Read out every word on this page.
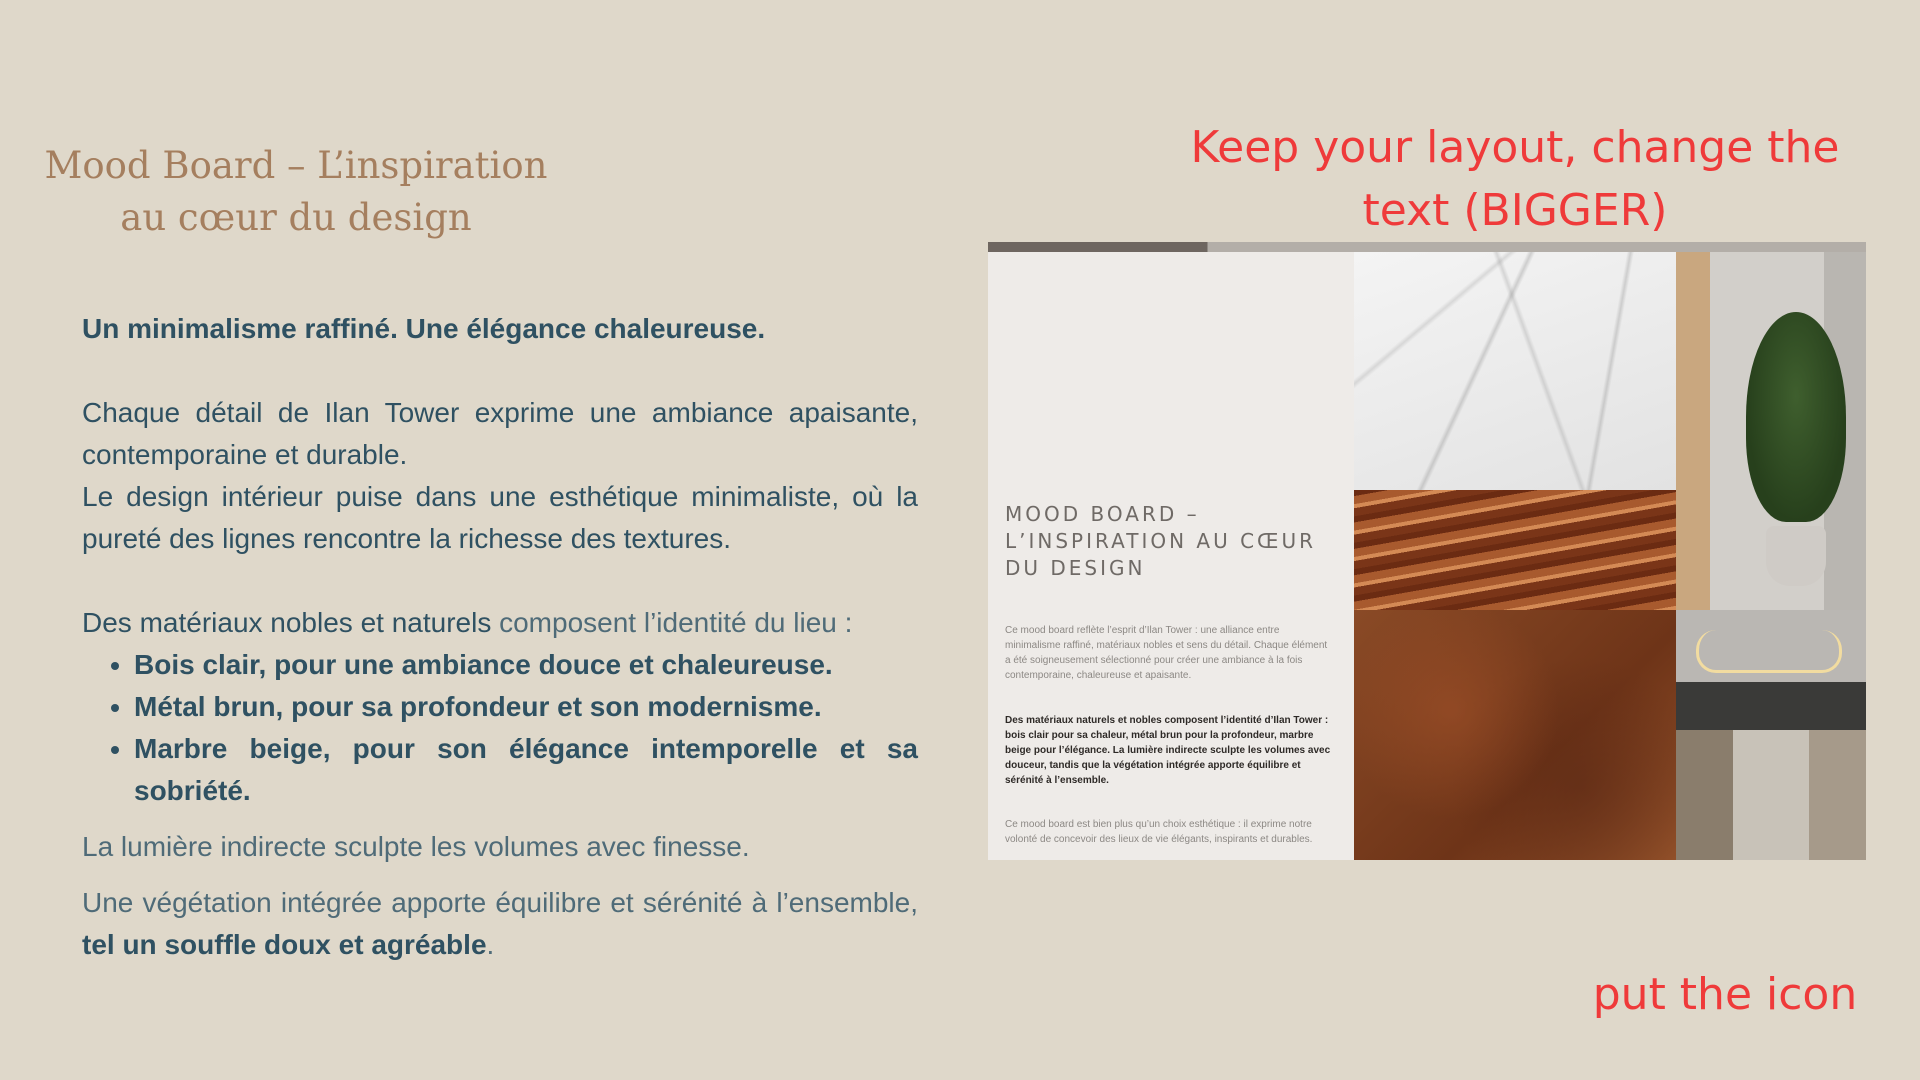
Mood Board – L’inspiration au cœur du design

Un minimalisme raffiné. Une élégance chaleureuse.

Chaque détail de Ilan Tower exprime une ambiance apaisante, contemporaine et durable.

Le design intérieur puise dans une esthétique minimaliste, où la pureté des lignes rencontre la richesse des textures.

Des matériaux nobles et naturels composent l’identité du lieu :

• Bois clair, pour une ambiance douce et chaleureuse.
• Métal brun, pour sa profondeur et son modernisme.
• Marbre beige, pour son élégance intemporelle et sa sobriété.

La lumière indirecte sculpte les volumes avec finesse.

Une végétation intégrée apporte équilibre et sérénité à l’ensemble, tel un souffle doux et agréable.

Keep your layout, change the text (BIGGER)
MOOD BOARD – L’INSPIRATION AU CŒUR DU DESIGN
Ce mood board reflète l’esprit d’Ilan Tower : une alliance entre minimalisme raffiné, matériaux nobles et sens du détail. Chaque élément a été soigneusement sélectionné pour créer une ambiance à la fois contemporaine, chaleureuse et apaisante.
Des matériaux naturels et nobles composent l’identité d’Ilan Tower : bois clair pour sa chaleur, métal brun pour la profondeur, marbre beige pour l’élégance. La lumière indirecte sculpte les volumes avec douceur, tandis que la végétation intégrée apporte équilibre et sérénité à l’ensemble.
Ce mood board est bien plus qu’un choix esthétique : il exprime notre volonté de concevoir des lieux de vie élégants, inspirants et durables.
put the icon
